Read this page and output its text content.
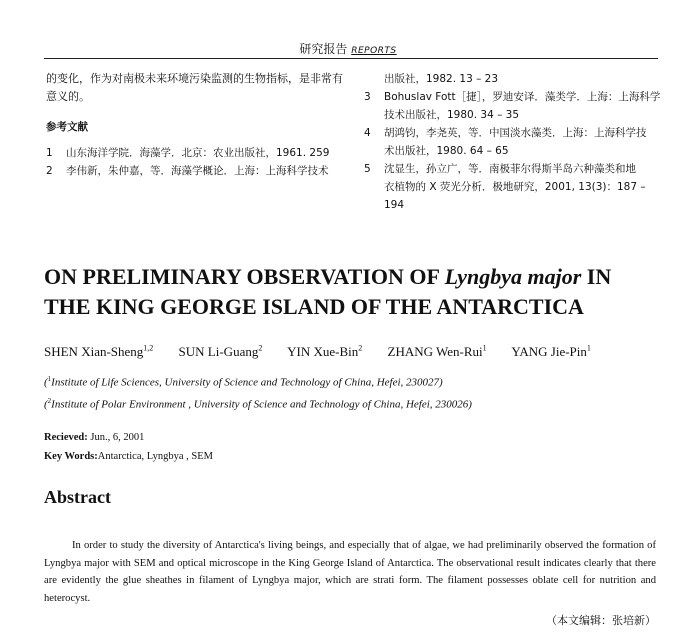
研究报告 REPORTS

的变化，作为对南极未来环境污染监测的生物指标，是非常有意义的。

参考文献

1	山东海洋学院．海藻学．北京：农业出版社，1961. 259
2	李伟新，朱仲嘉，等．海藻学概论．上海：上海科学技术
出版社，1982. 13 – 23
3	Bohuslav Fott［捷］，罗迪安译．藻类学．上海：上海科学
技术出版社，1980. 34 – 35
4	胡鸿钧，李尧英，等．中国淡水藻类．上海：上海科学技
术出版社，1980. 64 – 65
5	沈显生，孙立广，等．南极菲尔得斯半岛六种藻类和地
衣植物的 X 荧光分析．极地研究，2001, 13(3)：187 – 194
ON PRELIMINARY OBSERVATION OF Lyngbya major IN
THE KING GEORGE ISLAND OF THE ANTARCTICA
SHEN Xian-Sheng$^{1,2}$ SUN Li-Guang$^2$ YIN Xue-Bin$^2$ ZHANG Wen-Rui$^1$ YANG Jie-Pin$^1$
($^1$Institute of Life Sciences, University of Science and Technology of China, Hefei, 230027)
($^2$Institute of Polar Environment , University of Science and Technology of China, Hefei, 230026)
Recieved: Jun., 6, 2001
Key Words:Antarctica, Lyngbya , SEM
Abstract

In order to study the diversity of Antarctica's living beings, and especially that of algae, we had preliminarily observed the formation of Lyngbya major with SEM and optical microscope in the King George Island of Antarctica. The observational result indicates clearly that there are evidently the glue sheathes in filament of Lyngbya major, which are strati form. The filament possesses oblate cell for nutrition and heterocyst.

（本文编辑：张培新）
